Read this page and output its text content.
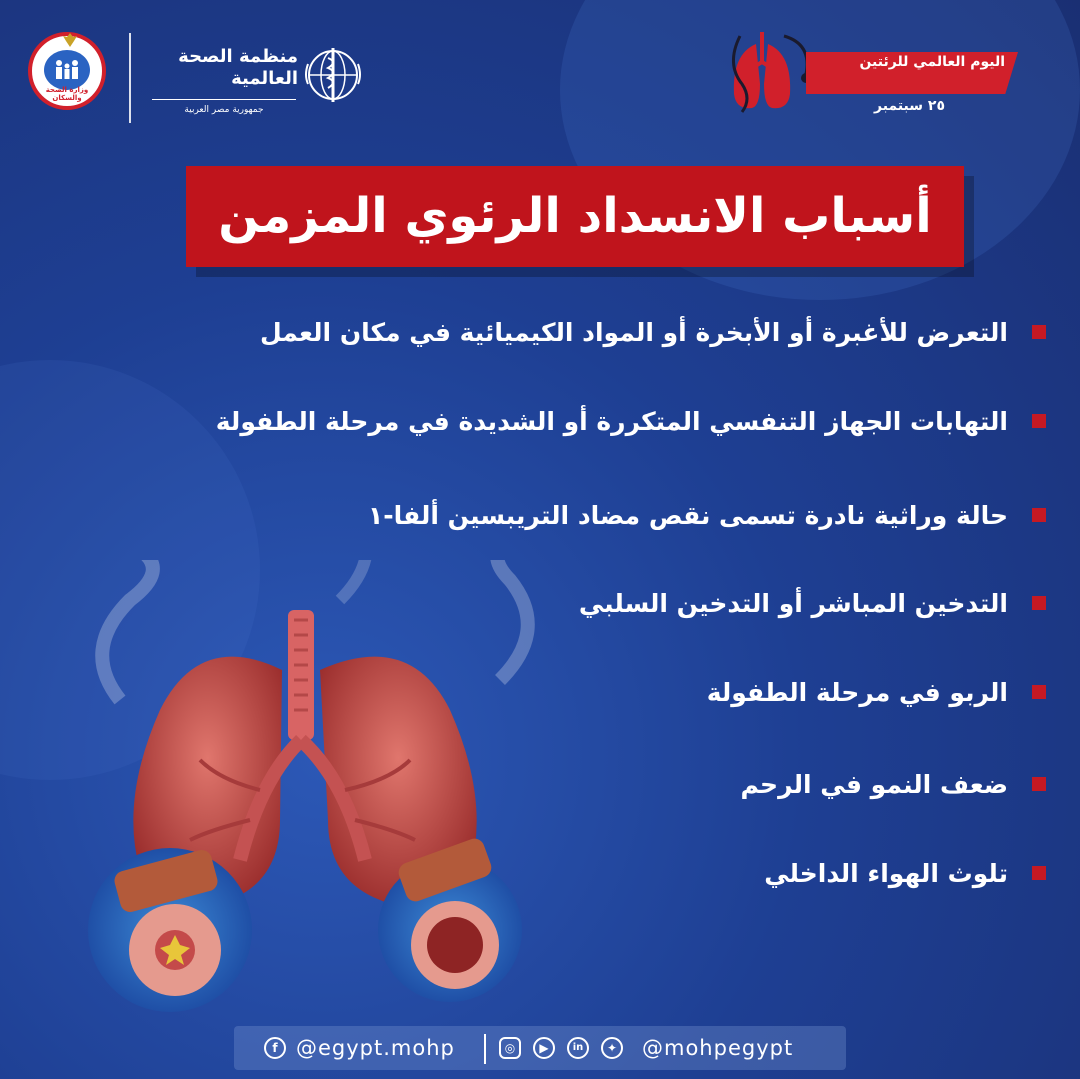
وزارة الصحة والسكان
منظمة الصحة العالمية
جمهورية مصر العربية
اليوم العالمي للرئتين
٢٥ سبتمبر
أسباب الانسداد الرئوي المزمن
التعرض للأغبرة أو الأبخرة أو المواد الكيميائية في مكان العمل
التهابات الجهاز التنفسي المتكررة أو الشديدة في مرحلة الطفولة
حالة وراثية نادرة تسمى نقص مضاد التريبسين ألفا-١
التدخين المباشر أو التدخين السلبي
الربو في مرحلة الطفولة
ضعف النمو في الرحم
تلوث الهواء الداخلي
f @egypt.mohp	◎	▶	in	✦ @mohpegypt
